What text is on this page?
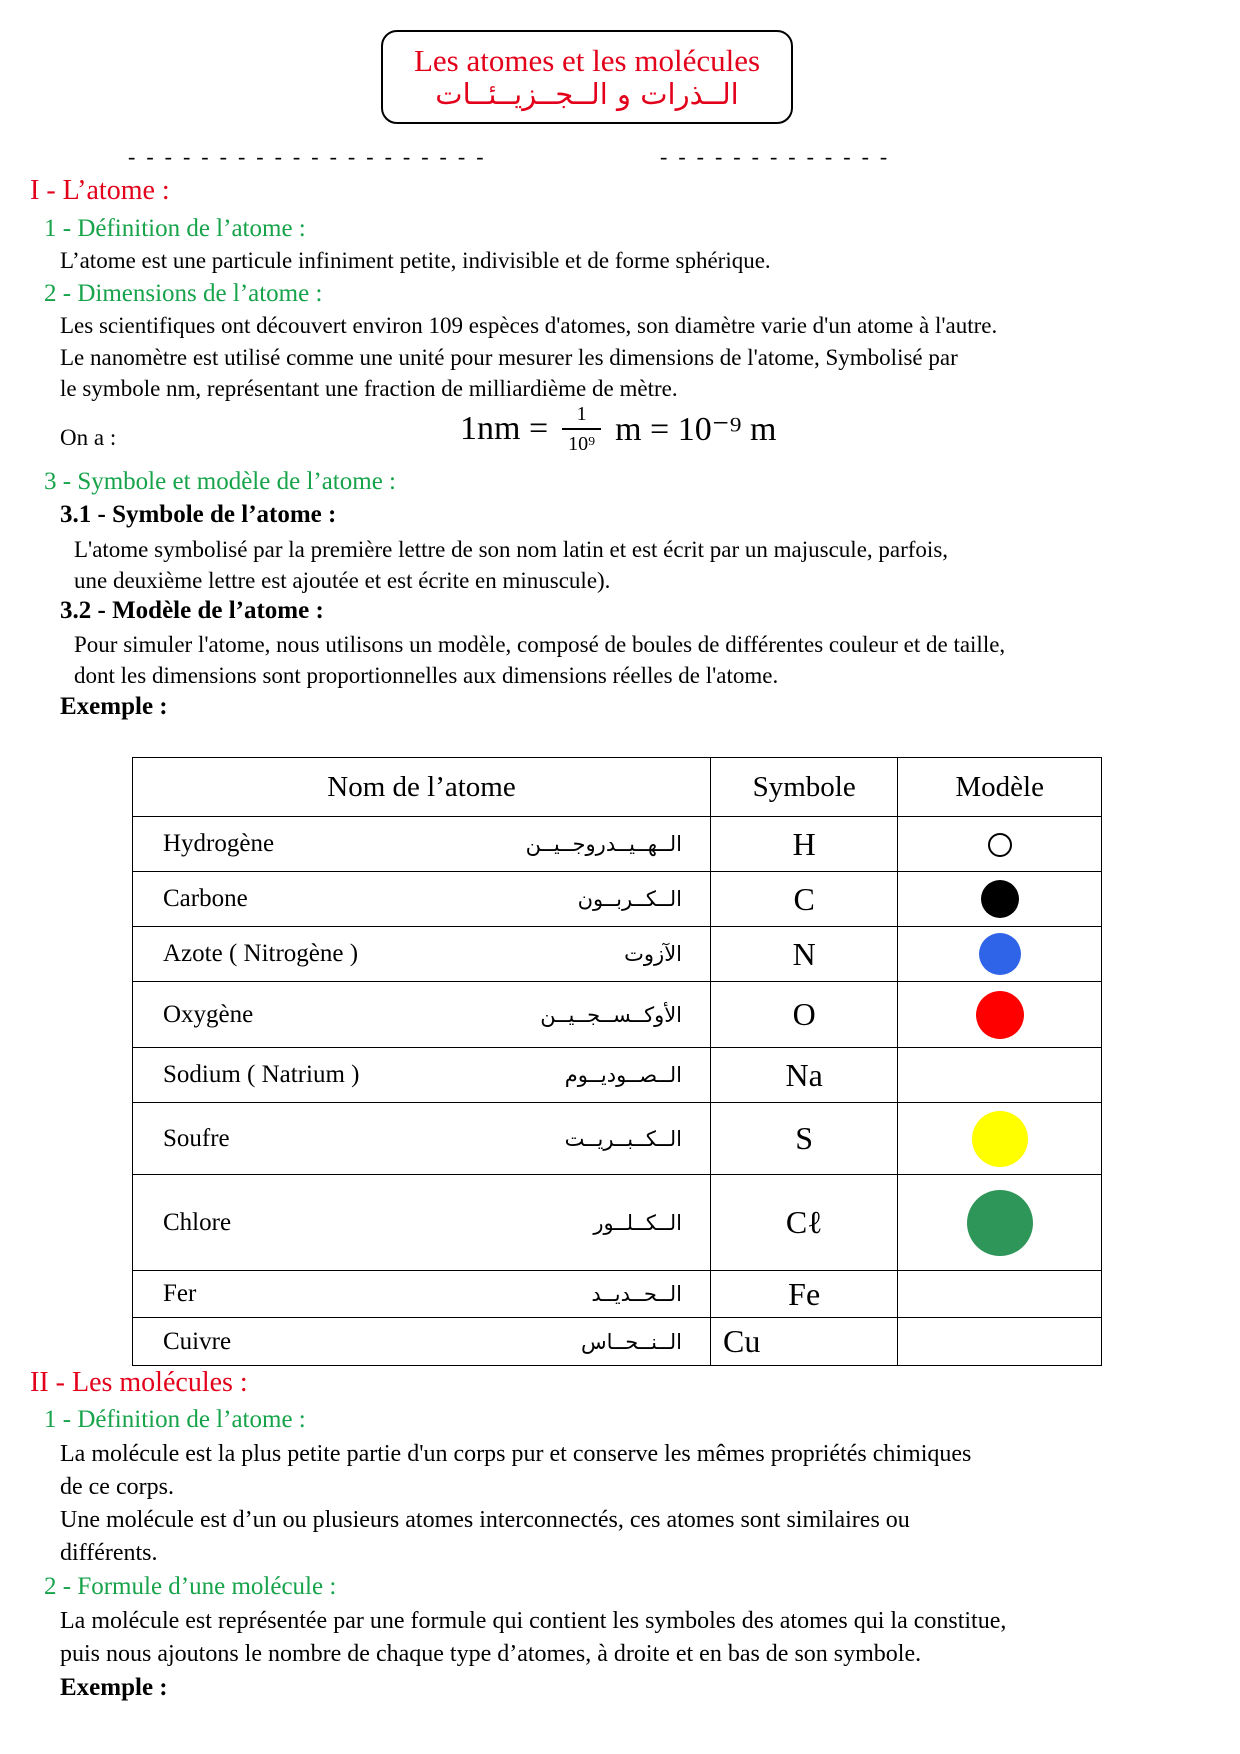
Les atomes et les molécules
الــذرات و الــجــزيــئــات
-  -  -  -  -  -  -  -  -  -  -  -  -  -  -  -  -  -  -  -	-  -  -  -  -  -  -  -  -  -  -  -  -
I - L’atome :
1 - Définition de l’atome :
L’atome est une particule infiniment petite, indivisible et de forme sphérique.
2 - Dimensions de l’atome :
Les scientifiques ont découvert environ 109 espèces d'atomes, son diamètre varie d'un atome à l'autre.
Le nanomètre est utilisé comme une unité pour mesurer les dimensions de l'atome, Symbolisé par
le symbole nm, représentant une fraction de milliardième de mètre.
On a :	$1nm = \frac{1}{\text{10⁹}}$ m = 10⁻⁹ m
3 - Symbole et modèle de l’atome :
3.1 - Symbole de l’atome :
L'atome symbolisé par la première lettre de son nom latin et est écrit par un majuscule, parfois,
une deuxième lettre est ajoutée et est écrite en minuscule).
3.2 - Modèle de l’atome :
Pour simuler l'atome, nous utilisons un modèle, composé de boules de différentes couleur et de taille,
dont les dimensions sont proportionnelles aux dimensions réelles de l'atome.
Exemple :
Nom de l’atome	Symbole	Modèle

Hydrogène الــهــيــدروجــيــن	H	

Carbone الــكــربــون	C	

Azote ( Nitrogène ) الآزوت	N	

Oxygène الأوكــســجــيــن	O	

Sodium ( Natrium ) الــصــوديــوم	Na	

Soufre الــكــبــريــت	S	

Chlore الــكــلــور	Cℓ	

Fer الــحــديــد	Fe	

Cuivre الــنــحــاس	Cu	
II - Les molécules :
1 - Définition de l’atome :
La molécule est la plus petite partie d'un corps pur et conserve les mêmes propriétés chimiques
de ce corps.
Une molécule est d’un ou plusieurs atomes interconnectés, ces atomes sont similaires ou
différents.
2 - Formule d’une molécule :
La molécule est représentée par une formule qui contient les symboles des atomes qui la constitue,
puis nous ajoutons le nombre de chaque type d’atomes, à droite et en bas de son symbole.
Exemple :
